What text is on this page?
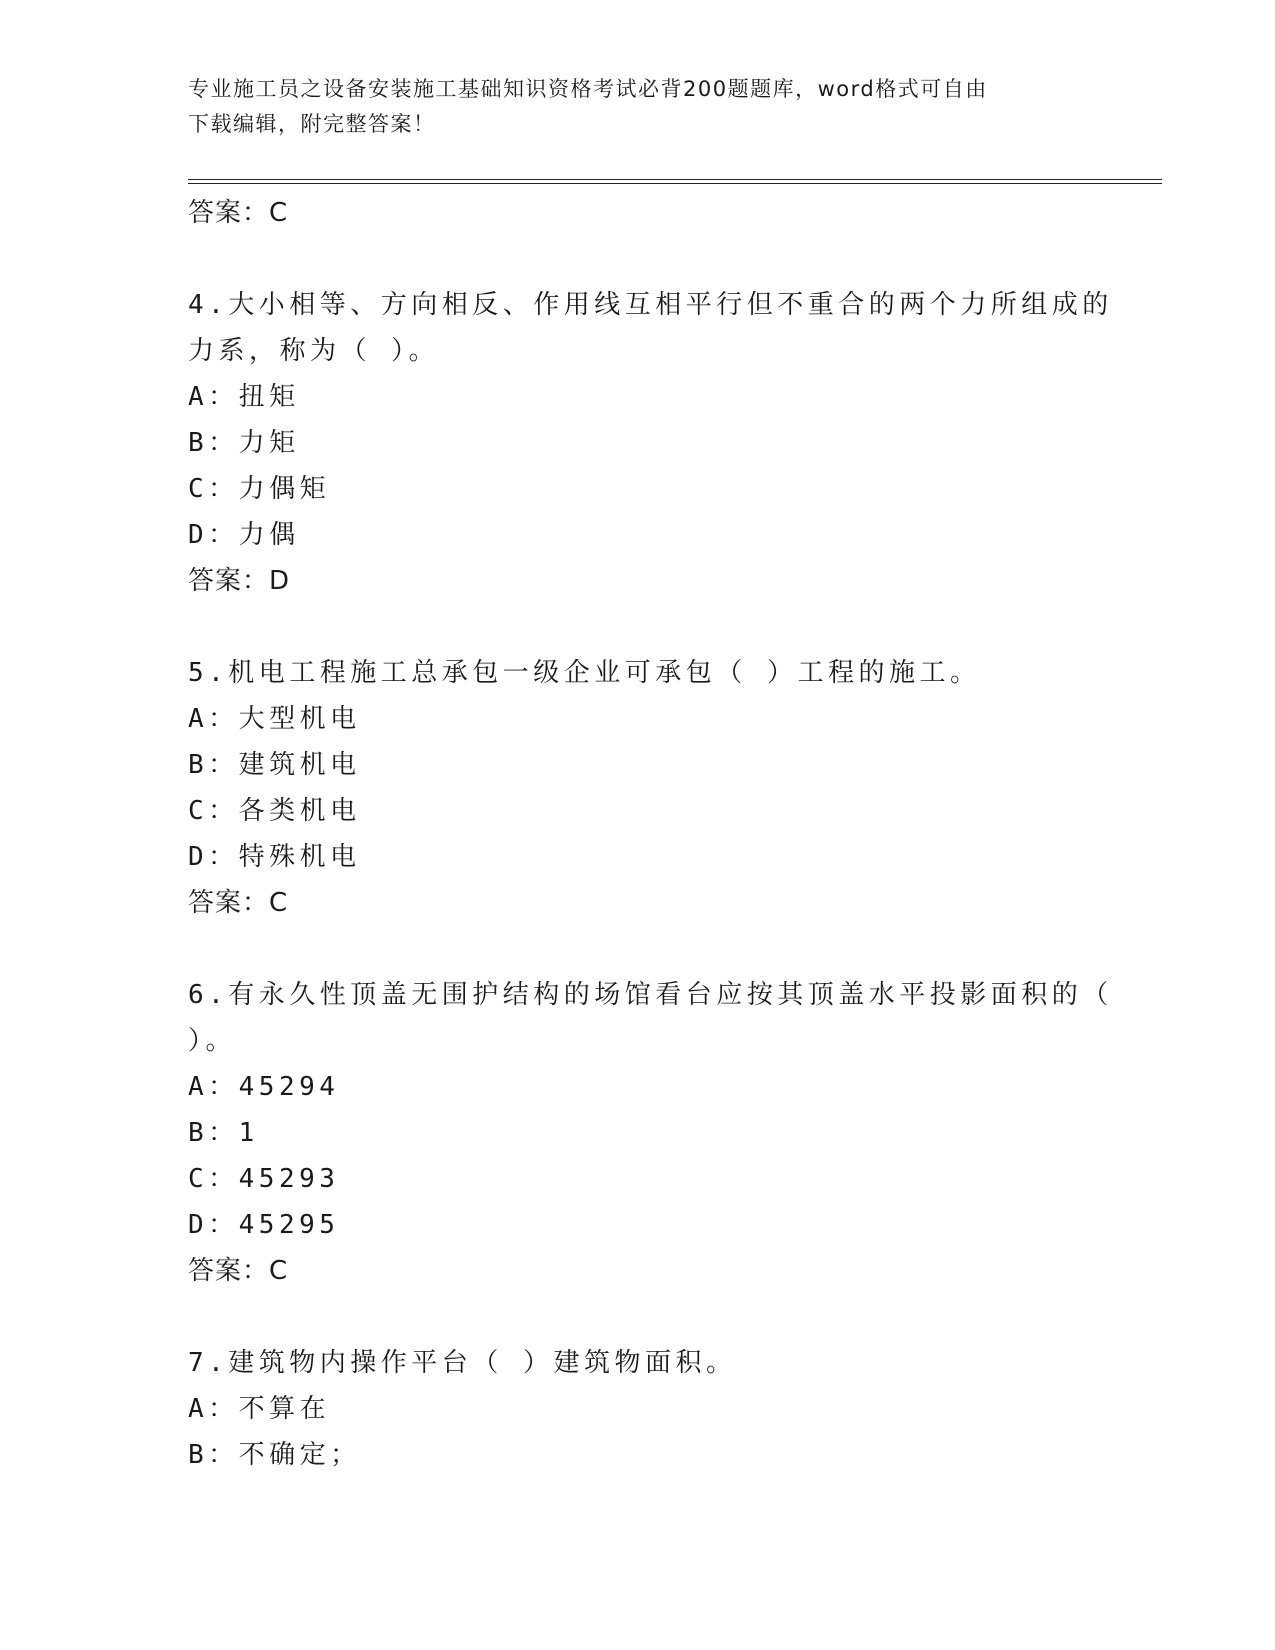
专业施工员之设备安装施工基础知识资格考试必背200题题库，word格式可自由
下载编辑，附完整答案！
答案：C
4.大小相等、方向相反、作用线互相平行但不重合的两个力所组成的
力系，称为（ ）。
A：扭矩
B：力矩
C：力偶矩
D：力偶
答案：D
5.机电工程施工总承包一级企业可承包（ ）工程的施工。
A：大型机电
B：建筑机电
C：各类机电
D：特殊机电
答案：C
6.有永久性顶盖无围护结构的场馆看台应按其顶盖水平投影面积的（
）。
A：45294
B：1
C：45293
D：45295
答案：C
7.建筑物内操作平台（ ）建筑物面积。
A：不算在
B：不确定；
